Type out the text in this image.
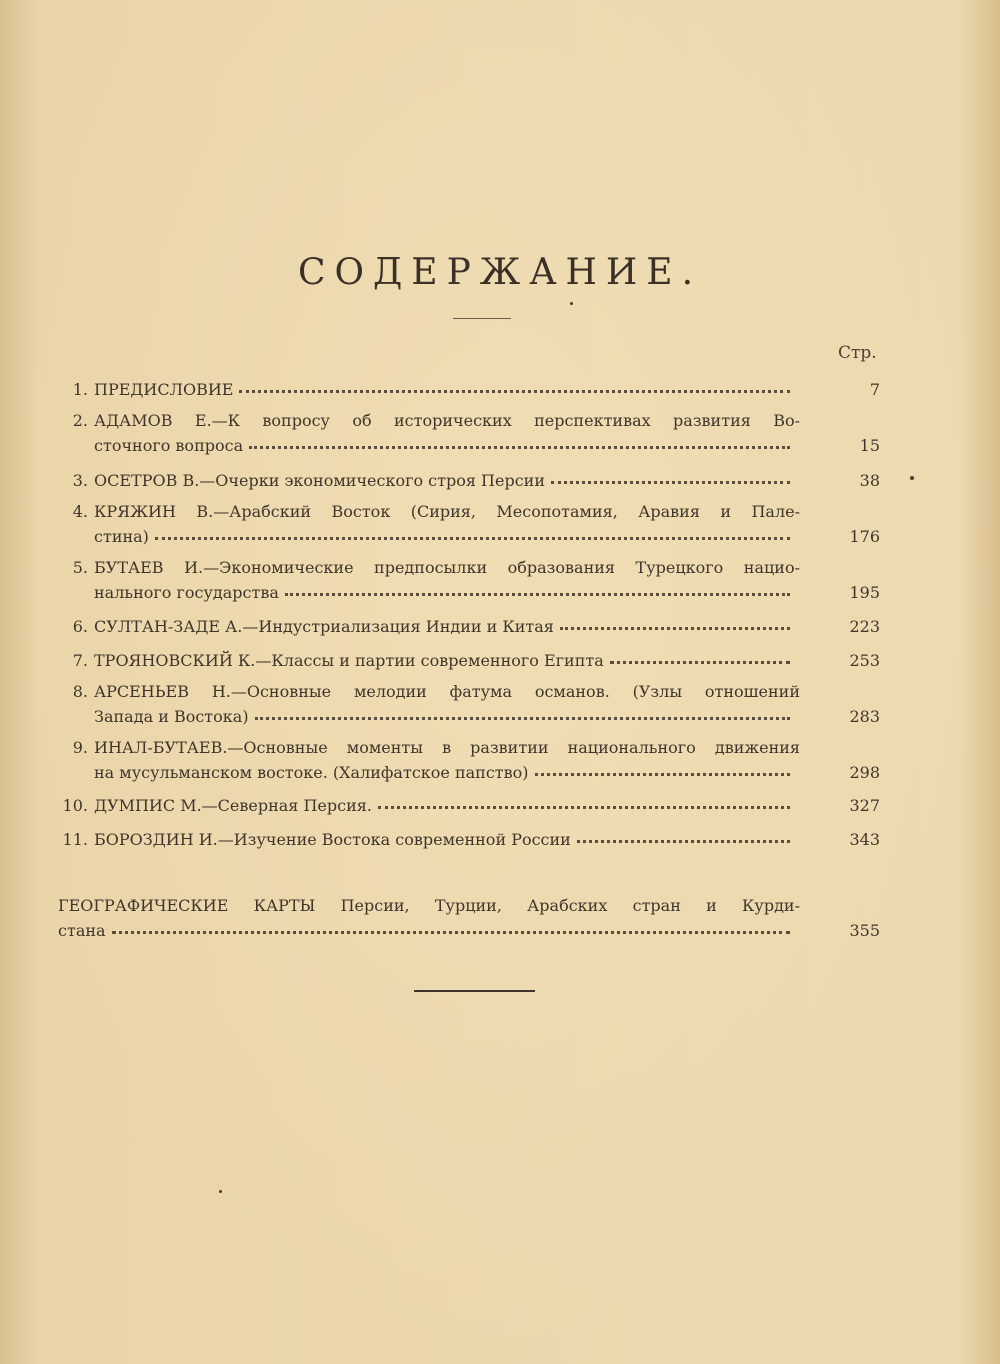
СОДЕРЖАНИЕ.
Стр.
1. ПРЕДИСЛОВИЕ	7
2. АДАМОВ Е.—К вопросу об исторических перспективах развития Во-
сточного вопроса	15
3. ОСЕТРОВ В.—Очерки экономического строя Персии	38
4. КРЯЖИН В.—Арабский Восток (Сирия, Месопотамия, Аравия и Пале-
стина)	176
5. БУТАЕВ И.—Экономические предпосылки образования Турецкого нацио-
нального государства	195
6. СУЛТАН-ЗАДЕ А.—Индустриализация Индии и Китая	223
7. ТРОЯНОВСКИЙ К.—Классы и партии современного Египта	253
8. АРСЕНЬЕВ Н.—Основные мелодии фатума османов. (Узлы отношений
Запада и Востока)	283
9. ИНАЛ-БУТАЕВ.—Основные моменты в развитии национального движения
на мусульманском востоке. (Халифатское папство)	298
10. ДУМПИС М.—Северная Персия.	327
11. БОРОЗДИН И.—Изучение Востока современной России	343
ГЕОГРАФИЧЕСКИЕ КАРТЫ Персии, Турции, Арабских стран и Курди-
стана	355
